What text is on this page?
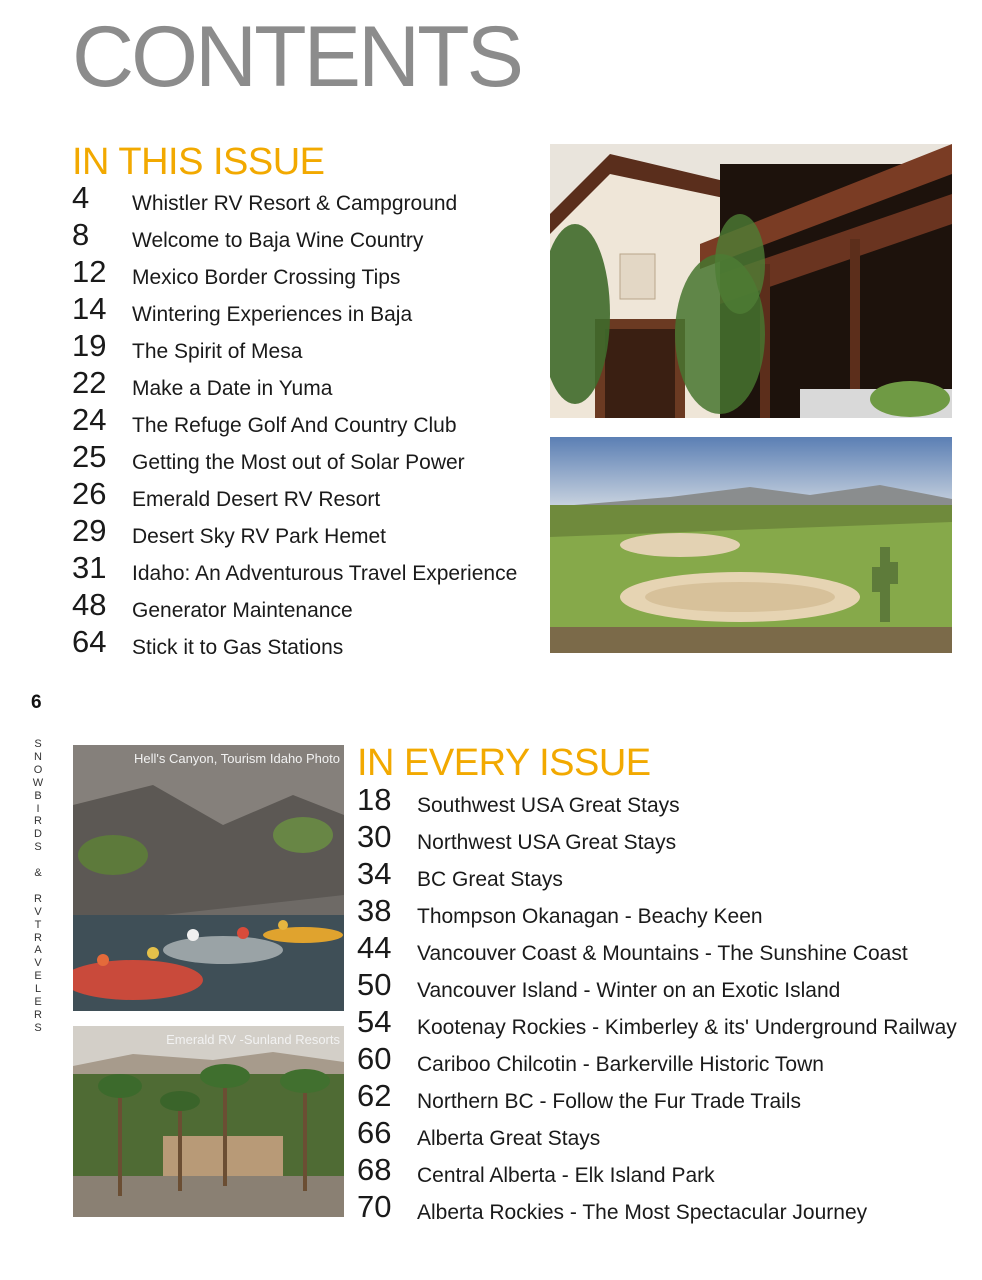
CONTENTS
IN THIS ISSUE
4 Whistler RV Resort & Campground
8 Welcome to Baja Wine Country
12 Mexico Border Crossing Tips
14 Wintering Experiences in Baja
19 The Spirit of Mesa
22 Make a Date in Yuma
24 The Refuge Golf And Country Club
25 Getting the Most out of Solar Power
26 Emerald Desert RV Resort
29 Desert Sky RV Park Hemet
31 Idaho: An Adventurous Travel Experience
48 Generator Maintenance
64 Stick it to Gas Stations
6
S
N
O
W
B
I
R
D
S
&
R
V
T
R
A
V
E
L
E
R
S
Hell's Canyon, Tourism Idaho Photo
Emerald RV -Sunland Resorts
IN EVERY ISSUE
18 Southwest USA Great Stays
30 Northwest USA Great Stays
34 BC Great Stays
38 Thompson Okanagan - Beachy Keen
44 Vancouver Coast & Mountains - The Sunshine Coast
50 Vancouver Island - Winter on an Exotic Island
54 Kootenay Rockies - Kimberley & its' Underground Railway
60 Cariboo Chilcotin - Barkerville Historic Town
62 Northern BC - Follow the Fur Trade Trails
66 Alberta Great Stays
68 Central Alberta - Elk Island Park
70 Alberta Rockies - The Most Spectacular Journey
